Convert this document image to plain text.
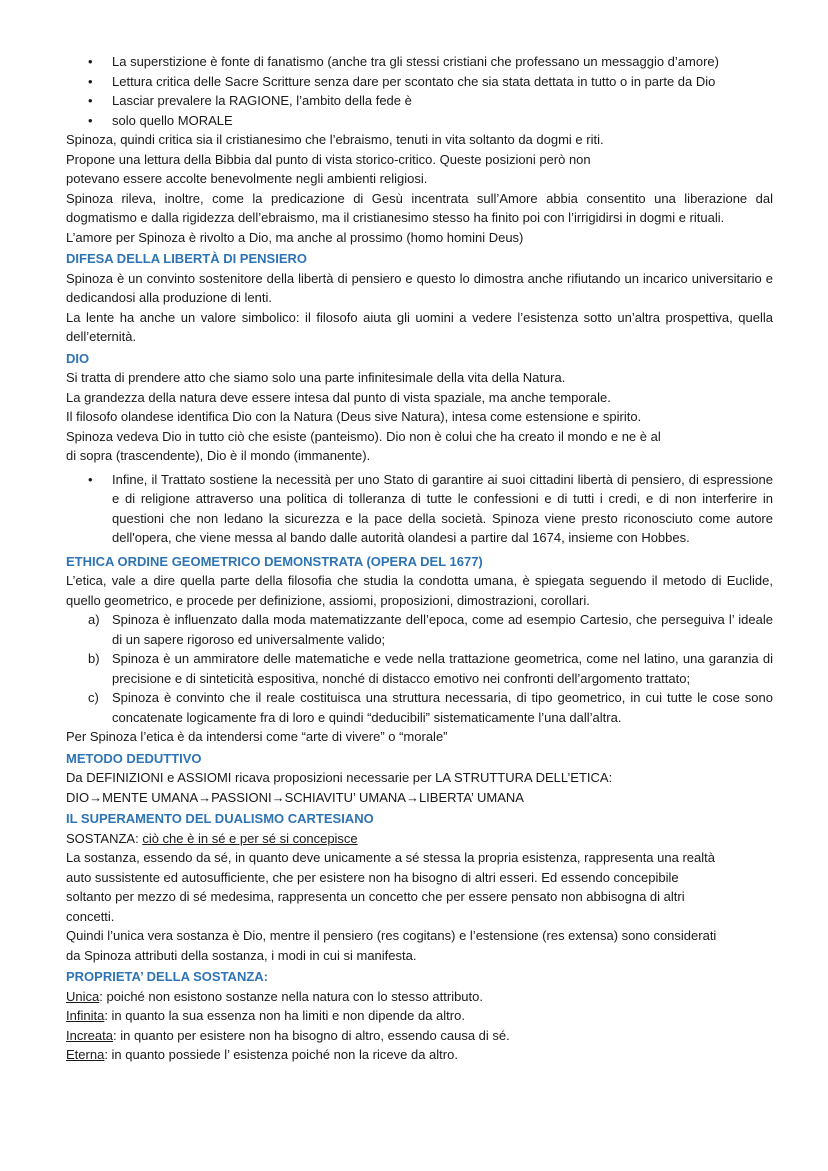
• La superstizione è fonte di fanatismo (anche tra gli stessi cristiani che professano un messaggio d’amore)
• Lettura critica delle Sacre Scritture senza dare per scontato che sia stata dettata in tutto o in parte da Dio
• Lasciar prevalere la RAGIONE, l’ambito della fede è
• solo quello MORALE

Spinoza, quindi critica sia il cristianesimo che l’ebraismo, tenuti in vita soltanto da dogmi e riti.

Propone una lettura della Bibbia dal punto di vista storico-critico. Queste posizioni però non

potevano essere accolte benevolmente negli ambienti religiosi.

Spinoza rileva, inoltre, come la predicazione di Gesù incentrata sull’Amore abbia consentito una liberazione dal dogmatismo e dalla rigidezza dell’ebraismo, ma il cristianesimo stesso ha finito poi con l’irrigidirsi in dogmi e rituali.

L’amore per Spinoza è rivolto a Dio, ma anche al prossimo (homo homini Deus)

DIFESA DELLA LIBERTÀ DI PENSIERO

Spinoza è un convinto sostenitore della libertà di pensiero e questo lo dimostra anche rifiutando un incarico universitario e dedicandosi alla produzione di lenti.

La lente ha anche un valore simbolico: il filosofo aiuta gli uomini a vedere l’esistenza sotto un’altra prospettiva, quella dell’eternità.

DIO

Si tratta di prendere atto che siamo solo una parte infinitesimale della vita della Natura.

La grandezza della natura deve essere intesa dal punto di vista spaziale, ma anche temporale.

Il filosofo olandese identifica Dio con la Natura (Deus sive Natura), intesa come estensione e spirito.

Spinoza vedeva Dio in tutto ciò che esiste (panteismo). Dio non è colui che ha creato il mondo e ne è al

di sopra (trascendente), Dio è il mondo (immanente).

• Infine, il Trattato sostiene la necessità per uno Stato di garantire ai suoi cittadini libertà di pensiero, di espressione e di religione attraverso una politica di tolleranza di tutte le confessioni e di tutti i credi, e di non interferire in questioni che non ledano la sicurezza e la pace della società. Spinoza viene presto riconosciuto come autore dell'opera, che viene messa al bando dalle autorità olandesi a partire dal 1674, insieme con Hobbes.

ETHICA ORDINE GEOMETRICO DEMONSTRATA (OPERA DEL 1677)

L’etica, vale a dire quella parte della filosofia che studia la condotta umana, è spiegata seguendo il metodo di Euclide, quello geometrico, e procede per definizione, assiomi, proposizioni, dimostrazioni, corollari.

a) Spinoza è influenzato dalla moda matematizzante dell’epoca, come ad esempio Cartesio, che perseguiva l’ ideale di un sapere rigoroso ed universalmente valido;
b) Spinoza è un ammiratore delle matematiche e vede nella trattazione geometrica, come nel latino, una garanzia di precisione e di sinteticità espositiva, nonché di distacco emotivo nei confronti dell’argomento trattato;
c) Spinoza è convinto che il reale costituisca una struttura necessaria, di tipo geometrico, in cui tutte le cose sono concatenate logicamente fra di loro e quindi “deducibili” sistematicamente l’una dall’altra.

Per Spinoza l’etica è da intendersi come “arte di vivere” o “morale”

METODO DEDUTTIVO

Da DEFINIZIONI e ASSIOMI ricava proposizioni necessarie per LA STRUTTURA DELL’ETICA:

DIO→MENTE UMANA→PASSIONI→SCHIAVITU’ UMANA→LIBERTA’ UMANA

IL SUPERAMENTO DEL DUALISMO CARTESIANO

SOSTANZA: ciò che è in sé e per sé si concepisce

La sostanza, essendo da sé, in quanto deve unicamente a sé stessa la propria esistenza, rappresenta una realtà

auto sussistente ed autosufficiente, che per esistere non ha bisogno di altri esseri. Ed essendo concepibile

soltanto per mezzo di sé medesima, rappresenta un concetto che per essere pensato non abbisogna di altri

concetti.

Quindi l’unica vera sostanza è Dio, mentre il pensiero (res cogitans) e l’estensione (res extensa) sono considerati

da Spinoza attributi della sostanza, i modi in cui si manifesta.

PROPRIETA’ DELLA SOSTANZA:

Unica: poiché non esistono sostanze nella natura con lo stesso attributo.

Infinita: in quanto la sua essenza non ha limiti e non dipende da altro.

Increata: in quanto per esistere non ha bisogno di altro, essendo causa di sé.

Eterna: in quanto possiede l’ esistenza poiché non la riceve da altro.
